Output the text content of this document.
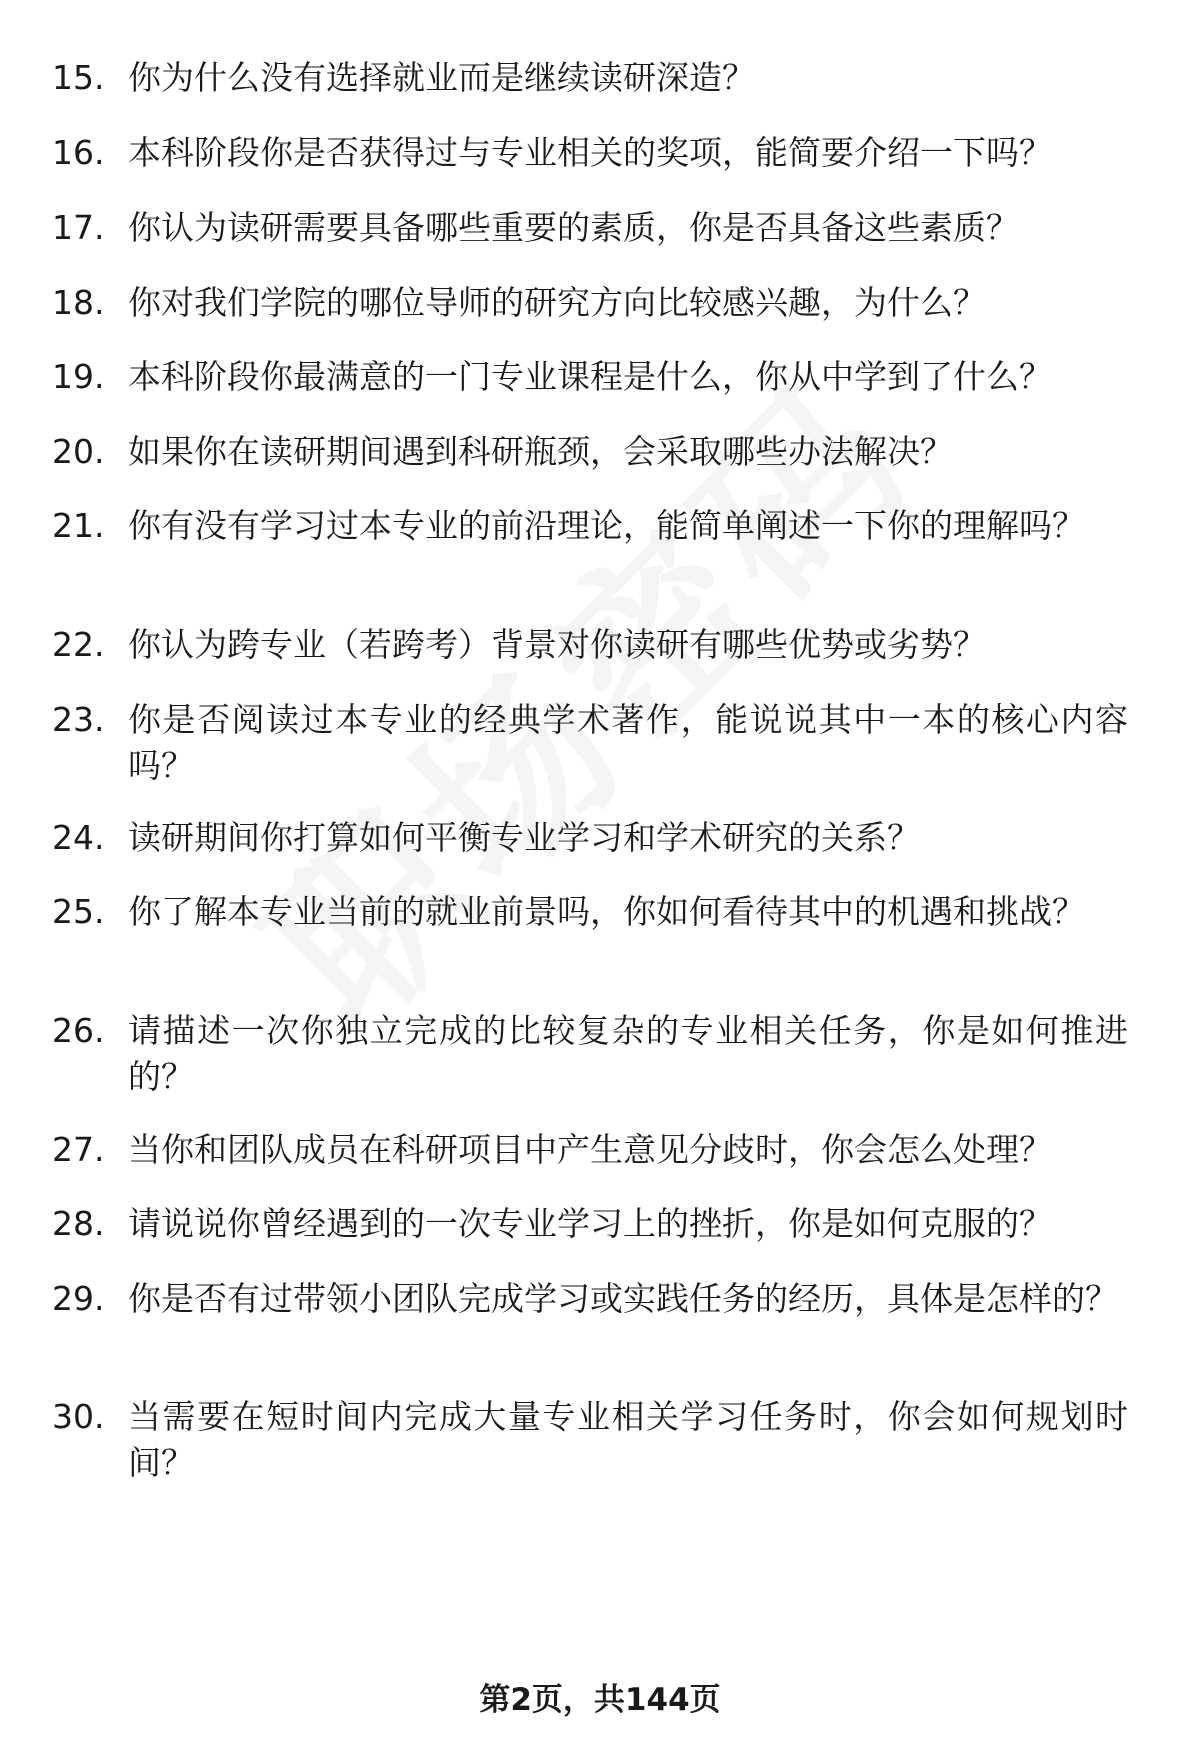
15. 你为什么没有选择就业而是继续读研深造？
16. 本科阶段你是否获得过与专业相关的奖项，能简要介绍一下吗？
17. 你认为读研需要具备哪些重要的素质，你是否具备这些素质？
18. 你对我们学院的哪位导师的研究方向比较感兴趣，为什么？
19. 本科阶段你最满意的一门专业课程是什么，你从中学到了什么？
20. 如果你在读研期间遇到科研瓶颈，会采取哪些办法解决？
21. 你有没有学习过本专业的前沿理论，能简单阐述一下你的理解吗？
22. 你认为跨专业（若跨考）背景对你读研有哪些优势或劣势？
23. 你是否阅读过本专业的经典学术著作，能说说其中一本的核心内容吗？
24. 读研期间你打算如何平衡专业学习和学术研究的关系？
25. 你了解本专业当前的就业前景吗，你如何看待其中的机遇和挑战？
26. 请描述一次你独立完成的比较复杂的专业相关任务，你是如何推进的？
27. 当你和团队成员在科研项目中产生意见分歧时，你会怎么处理？
28. 请说说你曾经遇到的一次专业学习上的挫折，你是如何克服的？
29. 你是否有过带领小团队完成学习或实践任务的经历，具体是怎样的？
30. 当需要在短时间内完成大量专业相关学习任务时，你会如何规划时间？
第2页，共144页
